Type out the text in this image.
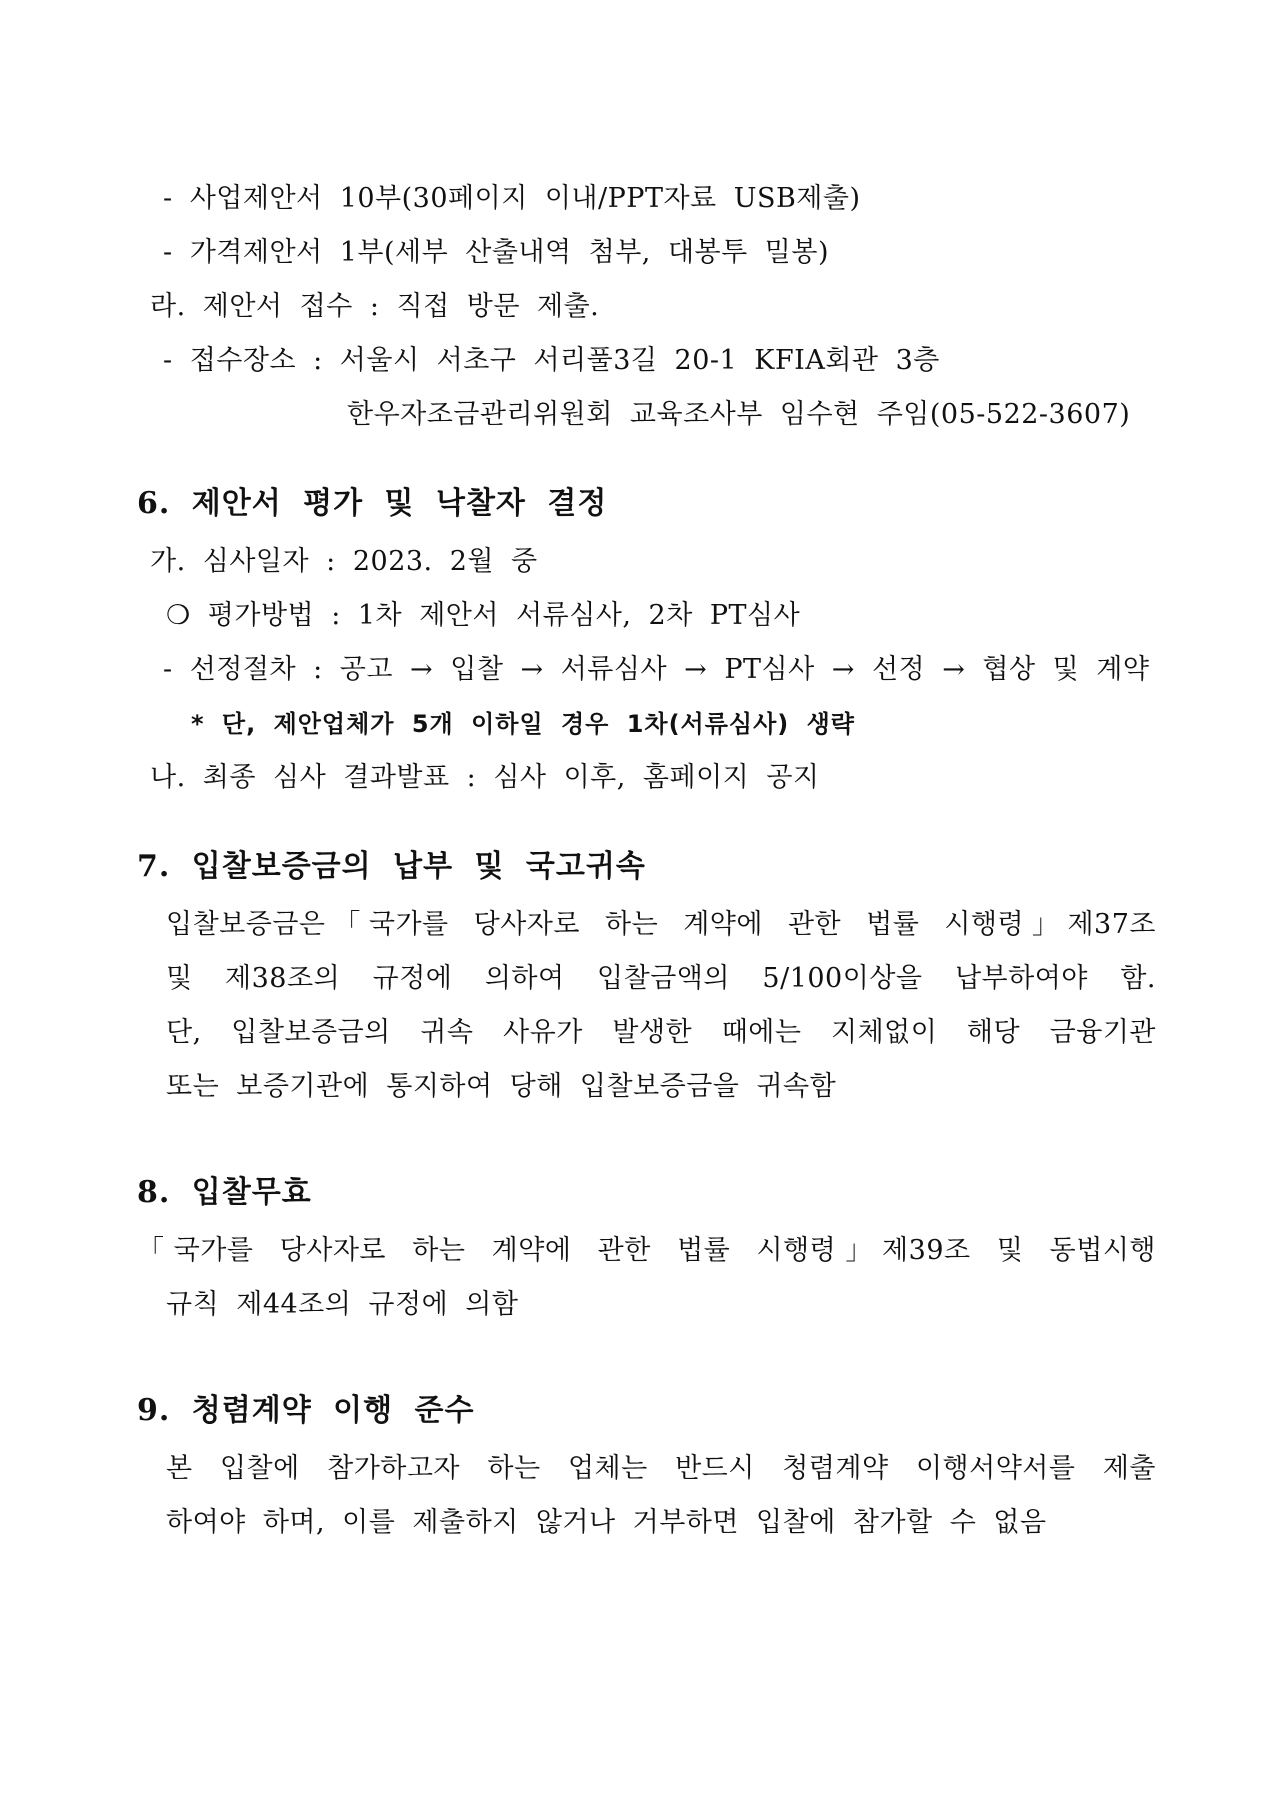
- 사업제안서 10부(30페이지 이내/PPT자료 USB제출)
- 가격제안서 1부(세부 산출내역 첨부, 대봉투 밀봉)
라. 제안서 접수 : 직접 방문 제출.
- 접수장소 : 서울시 서초구 서리풀3길 20-1 KFIA회관 3층
한우자조금관리위원회 교육조사부 임수현 주임(05-522-3607)
6. 제안서 평가 및 낙찰자 결정
가. 심사일자 : 2023. 2월 중
❍ 평가방법 : 1차 제안서 서류심사, 2차 PT심사
- 선정절차 : 공고 → 입찰 → 서류심사 → PT심사 → 선정 → 협상 및 계약
* 단, 제안업체가 5개 이하일 경우 1차(서류심사) 생략
나. 최종 심사 결과발표 : 심사 이후, 홈페이지 공지
7. 입찰보증금의 납부 및 국고귀속
입찰보증금은「국가를 당사자로 하는 계약에 관한 법률 시행령」제37조
및 제38조의 규정에 의하여 입찰금액의 5/100이상을 납부하여야 함.
단, 입찰보증금의 귀속 사유가 발생한 때에는 지체없이 해당 금융기관
또는 보증기관에 통지하여 당해 입찰보증금을 귀속함
8. 입찰무효
「국가를 당사자로 하는 계약에 관한 법률 시행령」제39조 및 동법시행
규칙 제44조의 규정에 의함
9. 청렴계약 이행 준수
본 입찰에 참가하고자 하는 업체는 반드시 청렴계약 이행서약서를 제출
하여야 하며, 이를 제출하지 않거나 거부하면 입찰에 참가할 수 없음
